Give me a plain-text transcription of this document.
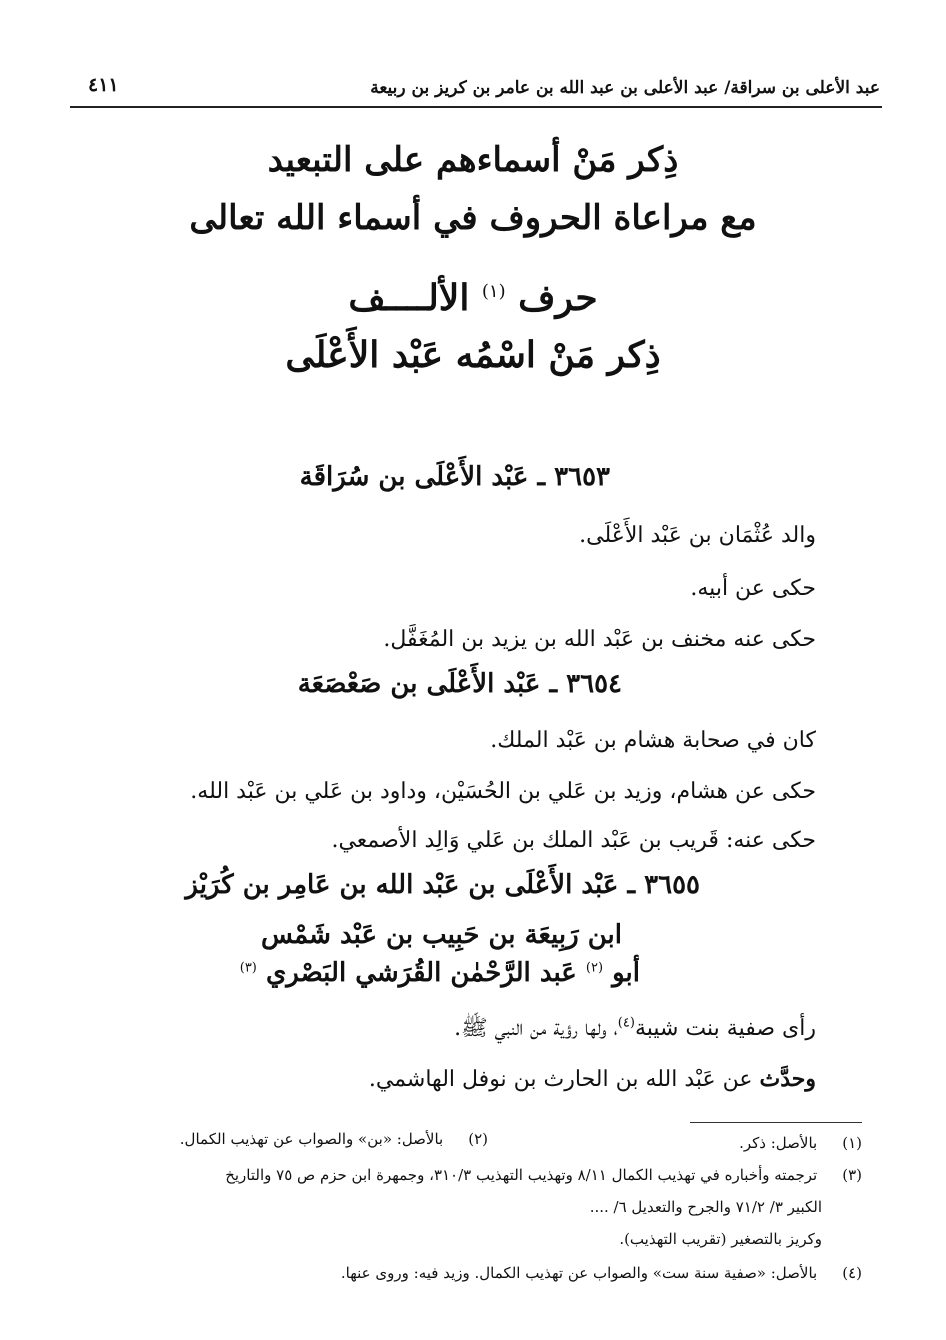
عبد الأعلى بن سراقة/ عبد الأعلى بن عبد الله بن عامر بن كريز بن ربيعة
٤١١
ذِكر مَنْ أسماءهم على التبعيد
مع مراعاة الحروف في أسماء الله تعالى
حرف $^{(١)}$ الألــــف
ذِكر مَنْ اسْمُه عَبْد الأَعْلَى
٣٦٥٣ ـ عَبْد الأَعْلَى بن سُرَاقَة
والد عُثْمَان بن عَبْد الأَعْلَى.
حكى عن أبيه.
حكى عنه مخنف بن عَبْد الله بن يزيد بن المُغَفَّل.
٣٦٥٤ ـ عَبْد الأَعْلَى بن صَعْصَعَة
كان في صحابة هشام بن عَبْد الملك.
حكى عن هشام، وزيد بن عَلي بن الحُسَيْن، وداود بن عَلي بن عَبْد الله.
حكى عنه: قَريب بن عَبْد الملك بن عَلي وَالِد الأصمعي.
٣٦٥٥ ـ عَبْد الأَعْلَى بن عَبْد الله بن عَامِر بن كُرَيْز
ابن رَبِيعَة بن حَبِيب بن عَبْد شَمْس
أبو $^{(٢)}$ عَبد الرَّحْمٰن القُرَشي البَصْري $^{(٣)}$
رأى صفية بنت شيبة$^{(٤)}$، ولها رؤية من النبي ﷺ.
وحدَّث عن عَبْد الله بن الحارث بن نوفل الهاشمي.
(١) بالأصل: ذكر.
(٢) بالأصل: «بن» والصواب عن تهذيب الكمال.
(٣) ترجمته وأخباره في تهذيب الكمال ٨/١١ وتهذيب التهذيب ٣١٠/٣، وجمهرة ابن حزم ص ٧٥ والتاريخ
الكبير ٣/ ٧١/٢ والجرح والتعديل ٦/ ....
وكريز بالتصغير (تقريب التهذيب).
(٤) بالأصل: «صفية سنة ست» والصواب عن تهذيب الكمال. وزيد فيه: وروى عنها.
